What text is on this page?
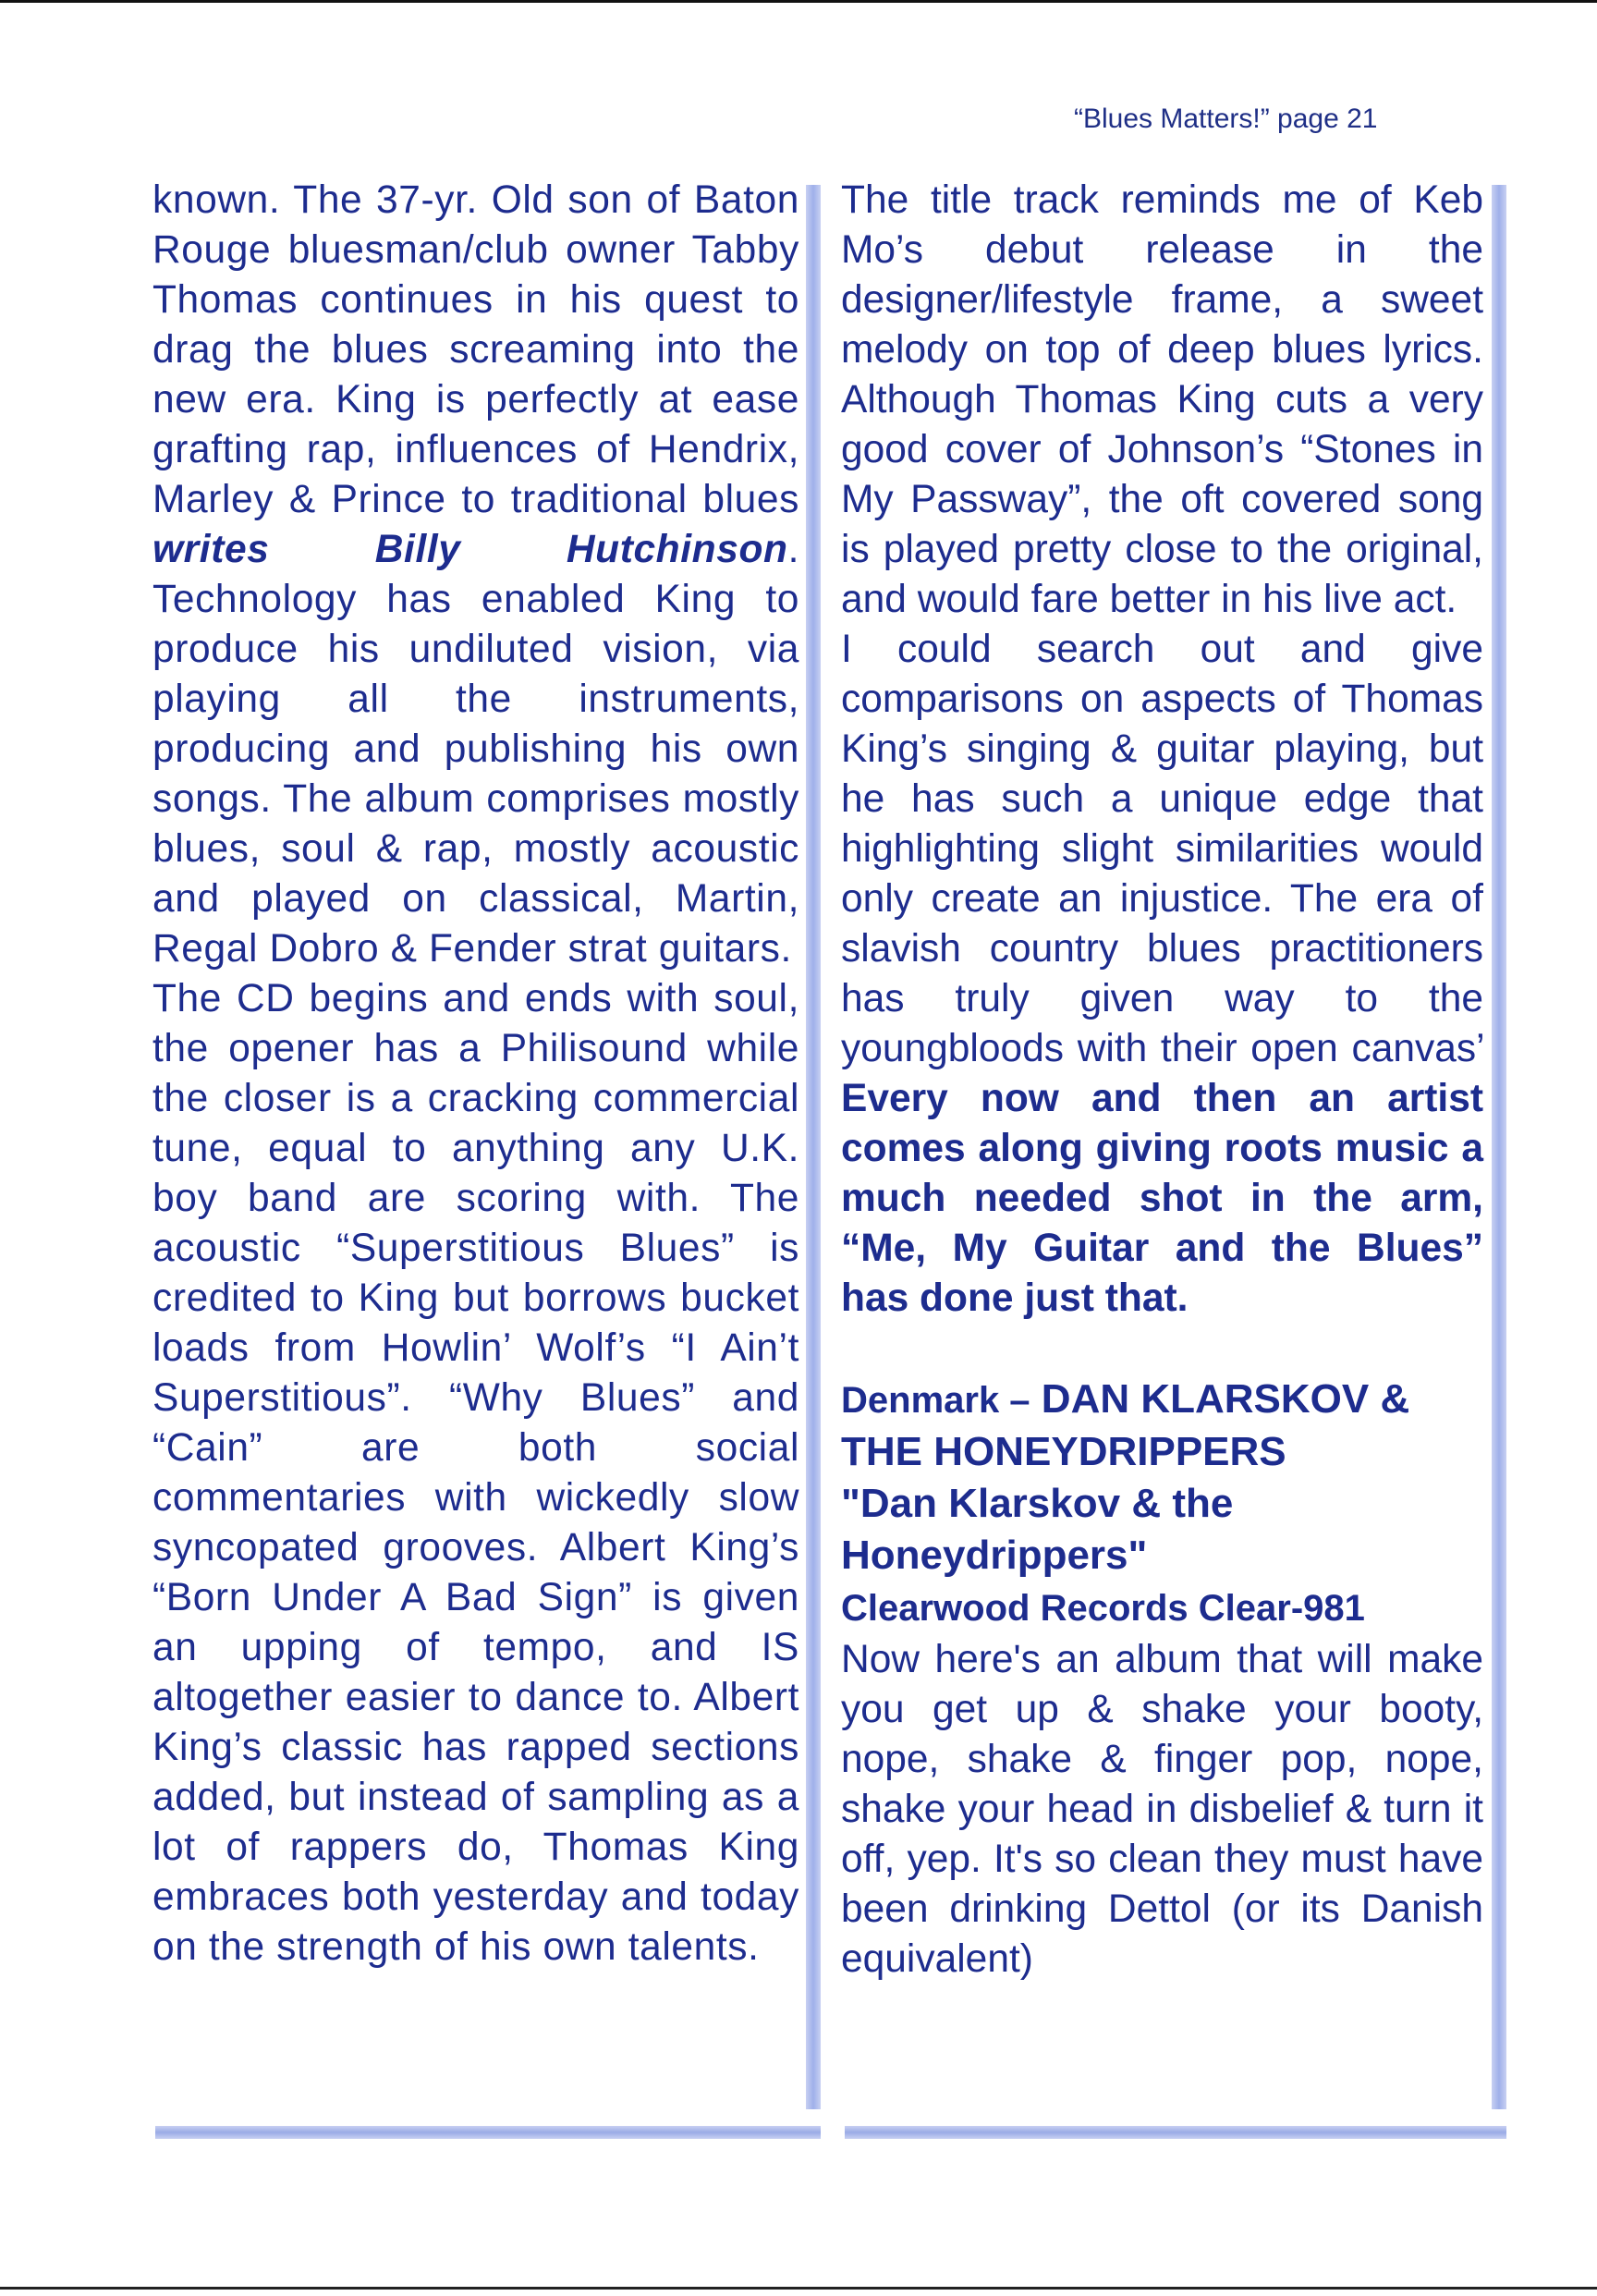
“Blues Matters!” page 21

known. The 37-yr. Old son of Baton Rouge bluesman/club owner Tabby Thomas continues in his quest to drag the blues screaming into the new era. King is perfectly at ease grafting rap, influences of Hendrix, Marley & Prince to traditional blues writes Billy Hutchinson. Technology has enabled King to produce his undiluted vision, via playing all the instruments, producing and publishing his own songs. The album comprises mostly blues, soul & rap, mostly acoustic and played on classical, Martin, Regal Dobro & Fender strat guitars.

The CD begins and ends with soul, the opener has a Philisound while the closer is a cracking commercial tune, equal to anything any U.K. boy band are scoring with. The acoustic “Superstitious Blues” is credited to King but borrows bucket loads from Howlin’ Wolf’s “I Ain’t Superstitious”. “Why Blues” and “Cain” are both social commentaries with wickedly slow syncopated grooves. Albert King’s “Born Under A Bad Sign” is given an upping of tempo, and IS altogether easier to dance to. Albert King’s classic has rapped sections added, but instead of sampling as a lot of rappers do, Thomas King embraces both yesterday and today on the strength of his own talents.

The title track reminds me of Keb Mo’s debut release in the designer/lifestyle frame, a sweet melody on top of deep blues lyrics. Although Thomas King cuts a very good cover of Johnson’s “Stones in My Passway”, the oft covered song is played pretty close to the original, and would fare better in his live act.

I could search out and give comparisons on aspects of Thomas King’s singing & guitar playing, but he has such a unique edge that highlighting slight similarities would only create an injustice. The era of slavish country blues practitioners has truly given way to the youngbloods with their open canvas’ Every now and then an artist comes along giving roots music a much needed shot in the arm, “Me, My Guitar and the Blues” has done just that.

Denmark – DAN KLARSKOV & THE HONEYDRIPPERS

"Dan Klarskov & the Honeydrippers"

Clearwood Records Clear-981

Now here's an album that will make you get up & shake your booty, nope, shake & finger pop, nope, shake your head in disbelief & turn it off, yep. It's so clean they must have been drinking Dettol (or its Danish equivalent)
